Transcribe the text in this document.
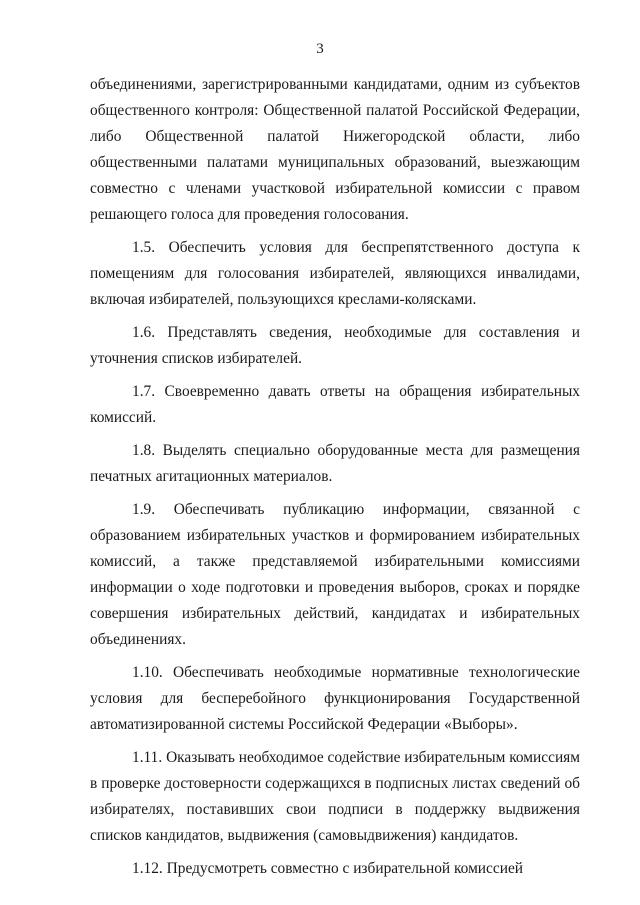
3

объединениями, зарегистрированными кандидатами, одним из субъектов общественного контроля: Общественной палатой Российской Федерации, либо Общественной палатой Нижегородской области, либо общественными палатами муниципальных образований, выезжающим совместно с членами участковой избирательной комиссии с правом решающего голоса для проведения голосования.

1.5. Обеспечить условия для беспрепятственного доступа к помещениям для голосования избирателей, являющихся инвалидами, включая избирателей, пользующихся креслами-колясками.

1.6. Представлять сведения, необходимые для составления и уточнения списков избирателей.

1.7. Своевременно давать ответы на обращения избирательных комиссий.

1.8. Выделять специально оборудованные места для размещения печатных агитационных материалов.

1.9. Обеспечивать публикацию информации, связанной с образованием избирательных участков и формированием избирательных комиссий, а также представляемой избирательными комиссиями информации о ходе подготовки и проведения выборов, сроках и порядке совершения избирательных действий, кандидатах и избирательных объединениях.

1.10. Обеспечивать необходимые нормативные технологические условия для бесперебойного функционирования Государственной автоматизированной системы Российской Федерации «Выборы».

1.11. Оказывать необходимое содействие избирательным комиссиям в проверке достоверности содержащихся в подписных листах сведений об избирателях, поставивших свои подписи в поддержку выдвижения списков кандидатов, выдвижения (самовыдвижения) кандидатов.

1.12. Предусмотреть совместно с избирательной комиссией
